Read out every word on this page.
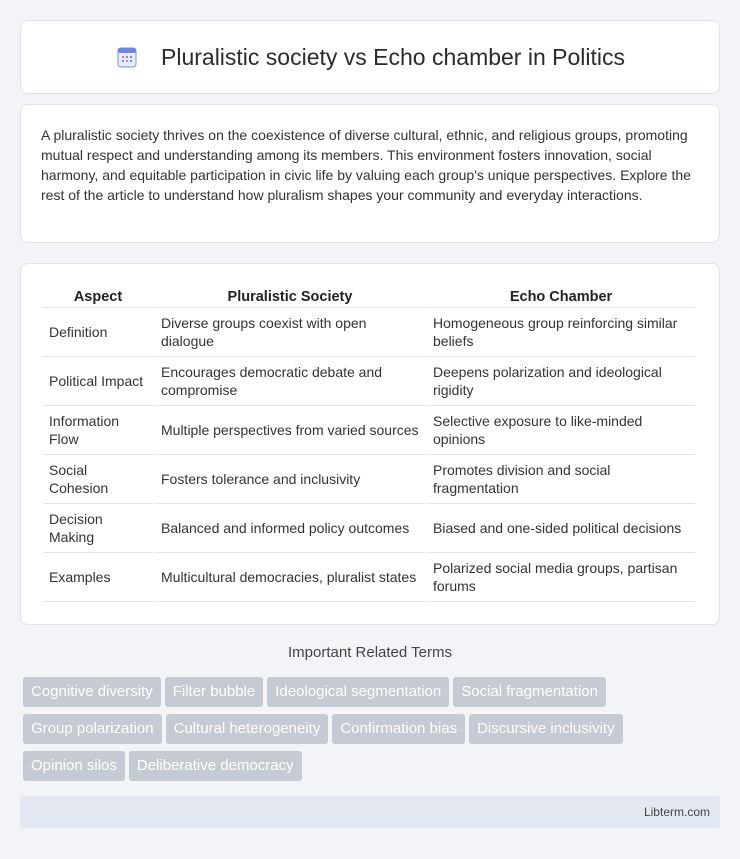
Pluralistic society vs Echo chamber in Politics

A pluralistic society thrives on the coexistence of diverse cultural, ethnic, and religious groups, promoting mutual respect and understanding among its members. This environment fosters innovation, social harmony, and equitable participation in civic life by valuing each group's unique perspectives. Explore the rest of the article to understand how pluralism shapes your community and everyday interactions.

Aspect	Pluralistic Society	Echo Chamber
Definition	Diverse groups coexist with open dialogue	Homogeneous group reinforcing similar beliefs
Political Impact	Encourages democratic debate and compromise	Deepens polarization and ideological rigidity
Information Flow	Multiple perspectives from varied sources	Selective exposure to like-minded opinions
Social Cohesion	Fosters tolerance and inclusivity	Promotes division and social fragmentation
Decision Making	Balanced and informed policy outcomes	Biased and one-sided political decisions
Examples	Multicultural democracies, pluralist states	Polarized social media groups, partisan forums
Important Related Terms
Cognitive diversity Filter bubble Ideological segmentation Social fragmentationGroup polarization Cultural heterogeneity Confirmation bias Discursive inclusivityOpinion silos Deliberative democracy
Libterm.com
